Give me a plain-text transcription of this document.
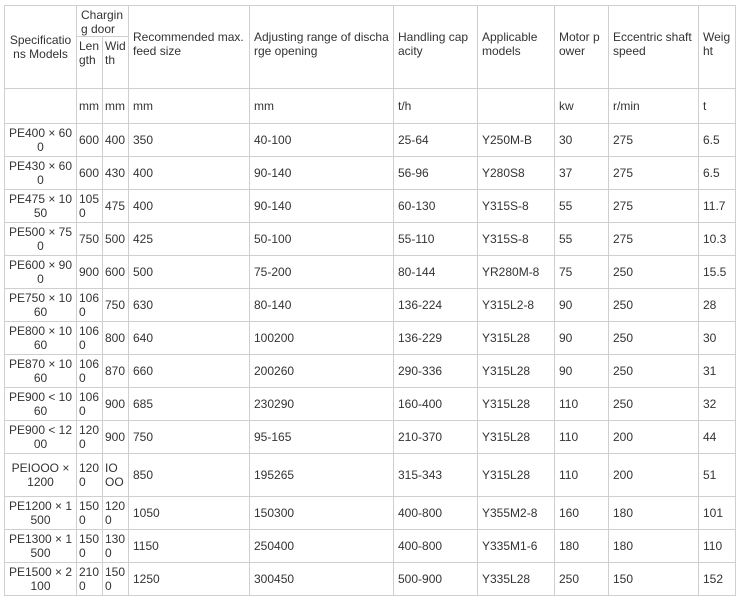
Specifications Models	Charging door		Recommended max. feed size	Adjusting range of discharge opening	Handling capacity	Applicable models	Motor power	Eccentric shaft speed	Weight
	Length	Width							
	mm	mm	mm	mm	t/h		kw	r/min	t
PE400 × 600	600	400	350	40-100	25-64	Y250M-B	30	275	6.5
PE430 × 600	600	430	400	90-140	56-96	Y280S8	37	275	6.5
PE475 × 1050	1050	475	400	90-140	60-130	Y315S-8	55	275	11.7
PE500 × 750	750	500	425	50-100	55-110	Y315S-8	55	275	10.3
PE600 × 900	900	600	500	75-200	80-144	YR280M-8	75	250	15.5
PE750 × 1060	1060	750	630	80-140	136-224	Y315L2-8	90	250	28
PE800 × 1060	1060	800	640	100200	136-229	Y315L28	90	250	30
PE870 × 1060	1060	870	660	200260	290-336	Y315L28	90	250	31
PE900 < 1060	1060	900	685	230290	160-400	Y315L28	110	250	32
PE900 < 1200	1200	900	750	95-165	210-370	Y315L28	110	200	44
PEIOOO × 1200	1200	IOOO	850	195265	315-343	Y315L28	110	200	51
PE1200 × 1500	1500	1200	1050	150300	400-800	Y355M2-8	160	180	101
PE1300 × 1500	1500	1300	1150	250400	400-800	Y335M1-6	180	180	110
PE1500 × 2100	2100	1500	1250	300450	500-900	Y335L28	250	150	152
